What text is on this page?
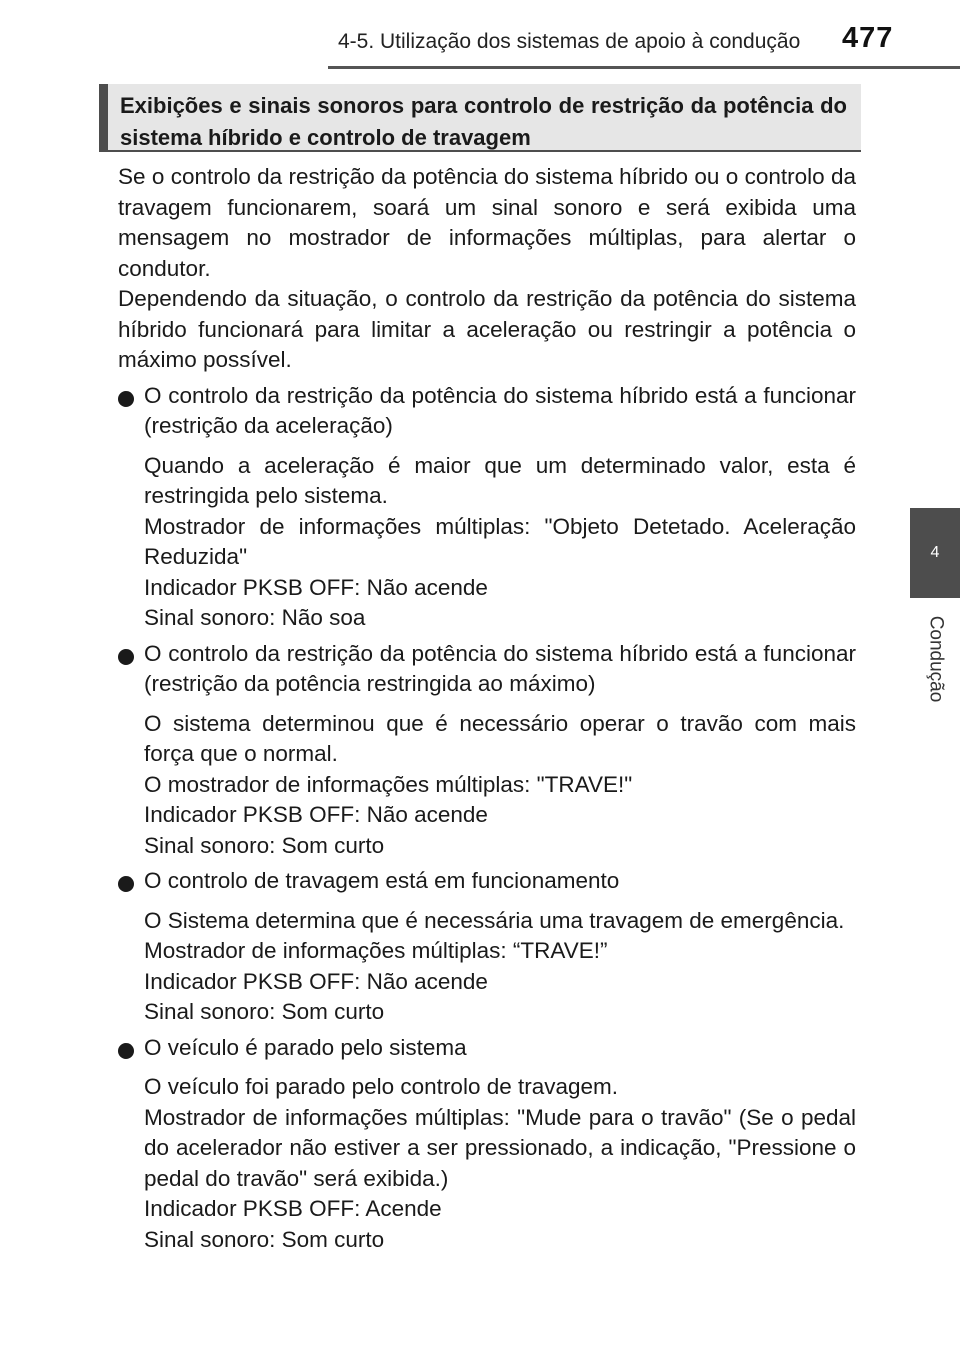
4-5. Utilização dos sistemas de apoio à condução 477
4
Condução
Exibições e sinais sonoros para controlo de restrição da potência do sistema híbrido e controlo de travagem

Se o controlo da restrição da potência do sistema híbrido ou o controlo da travagem funcionarem, soará um sinal sonoro e será exibida uma mensagem no mostrador de informações múltiplas, para alertar o condutor.

Dependendo da situação, o controlo da restrição da potência do sistema híbrido funcionará para limitar a aceleração ou restringir a potência o máximo possível.

O controlo da restrição da potência do sistema híbrido está a funcionar (restrição da aceleração)
Quando a aceleração é maior que um determinado valor, esta é restringida pelo sistema.
Mostrador de informações múltiplas: "Objeto Detetado. Aceleração Reduzida"
Indicador PKSB OFF: Não acende
Sinal sonoro: Não soa
O controlo da restrição da potência do sistema híbrido está a funcionar (restrição da potência restringida ao máximo)
O sistema determinou que é necessário operar o travão com mais força que o normal.
O mostrador de informações múltiplas: "TRAVE!"
Indicador PKSB OFF: Não acende
Sinal sonoro: Som curto
O controlo de travagem está em funcionamento
O Sistema determina que é necessária uma travagem de emergência.
Mostrador de informações múltiplas: “TRAVE!”
Indicador PKSB OFF: Não acende
Sinal sonoro: Som curto
O veículo é parado pelo sistema
O veículo foi parado pelo controlo de travagem.
Mostrador de informações múltiplas: "Mude para o travão" (Se o pedal do acelerador não estiver a ser pressionado, a indicação, "Pressione o pedal do travão" será exibida.)
Indicador PKSB OFF: Acende
Sinal sonoro: Som curto
